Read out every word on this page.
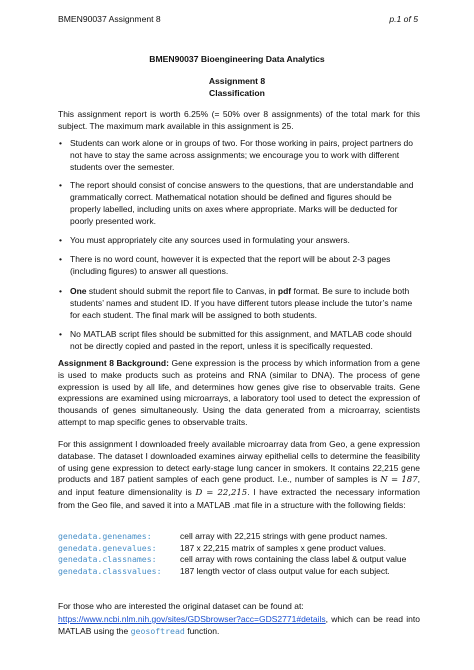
BMEN90037 Assignment 8	p.1 of 5
BMEN90037 Bioengineering Data Analytics
Assignment 8
Classification
This assignment report is worth 6.25% (= 50% over 8 assignments) of the total mark for this subject. The maximum mark available in this assignment is 25.
• Students can work alone or in groups of two. For those working in pairs, project partners do not have to stay the same across assignments; we encourage you to work with different students over the semester.
• The report should consist of concise answers to the questions, that are understandable and grammatically correct. Mathematical notation should be defined and figures should be properly labelled, including units on axes where appropriate. Marks will be deducted for poorly presented work.
• You must appropriately cite any sources used in formulating your answers.
• There is no word count, however it is expected that the report will be about 2-3 pages (including figures) to answer all questions.
• One student should submit the report file to Canvas, in pdf format. Be sure to include both students’ names and student ID. If you have different tutors please include the tutor’s name for each student. The final mark will be assigned to both students.
• No MATLAB script files should be submitted for this assignment, and MATLAB code should not be directly copied and pasted in the report, unless it is specifically requested.
Assignment 8 Background: Gene expression is the process by which information from a gene is used to make products such as proteins and RNA (similar to DNA). The process of gene expression is used by all life, and determines how genes give rise to observable traits. Gene expressions are examined using microarrays, a laboratory tool used to detect the expression of thousands of genes simultaneously. Using the data generated from a microarray, scientists attempt to map specific genes to observable traits.
For this assignment I downloaded freely available microarray data from Geo, a gene expression database. The dataset I downloaded examines airway epithelial cells to determine the feasibility of using gene expression to detect early-stage lung cancer in smokers. It contains 22,215 gene products and 187 patient samples of each gene product. I.e., number of samples is N = 187, and input feature dimensionality is D = 22,215. I have extracted the necessary information from the Geo file, and saved it into a MATLAB .mat file in a structure with the following fields:
genedata.genenames:	cell array with 22,215 strings with gene product names.
genedata.genevalues:	187 x 22,215 matrix of samples x gene product values.
genedata.classnames:	cell array with rows containing the class label & output value
genedata.classvalues:	187 length vector of class output value for each subject.
For those who are interested the original dataset can be found at:
https://www.ncbi.nlm.nih.gov/sites/GDSbrowser?acc=GDS2771#details, which can be read into MATLAB using the geosoftread function.
